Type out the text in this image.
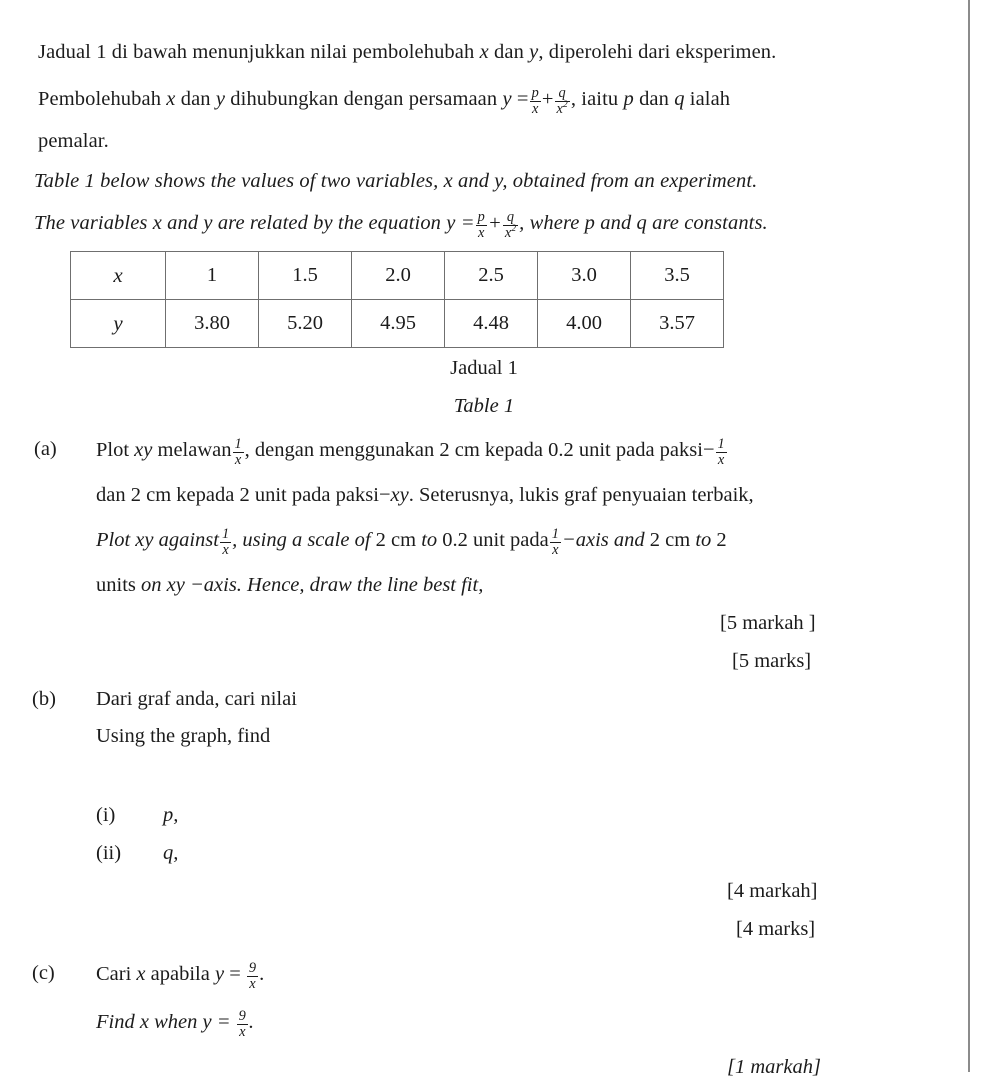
Jadual 1 di bawah menunjukkan nilai pembolehubah x dan y, diperolehi dari eksperimen.
Pembolehubah x dan y dihubungkan dengan persamaan $y = \frac{p}{x} + \frac{q}{x^2}$ , iaitu p dan q ialah
pemalar.
Table 1 below shows the values of two variables, x and y, obtained from an experiment.
The variables x and y are related by the equation $y = \frac{p}{x} + \frac{q}{x^2}$ , where p and q are constants.
x	1	1.5	2.0	2.5	3.0	3.5
y	3.80	5.20	4.95	4.48	4.00	3.57
Jadual 1
Table 1
(a) Plot xy melawan $\frac{1}{x}$ , dengan menggunakan 2 cm kepada 0.2 unit pada paksi− $\frac{1}{x}$
dan 2 cm kepada 2 unit pada paksi−xy. Seterusnya, lukis graf penyuaian terbaik,
Plot xy against $\frac{1}{x}$ , using a scale of 2 cm to 0.2 unit pada $\frac{1}{x}$ −axis and 2 cm to 2
units on xy −axis. Hence, draw the line best fit,
[5 markah ]
[5 marks]
(b) Dari graf anda, cari nilai
Using the graph, find
(i) p,
(ii) q,
[4 markah]
[4 marks]
(c) Cari x apabila $y = \frac{9}{x}$ .
Find x when $y = \frac{9}{x}$ .
[1 markah]
